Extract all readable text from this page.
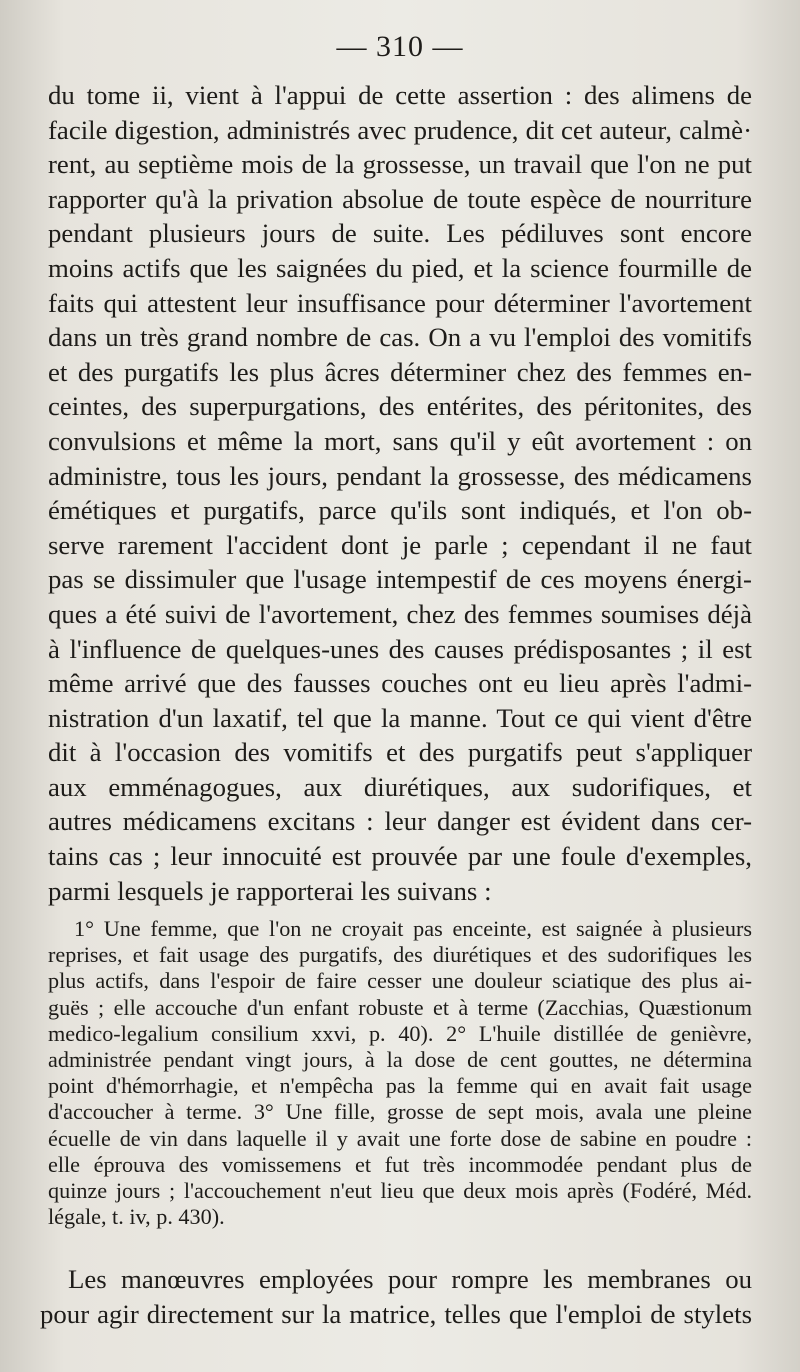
— 310 —
du tome ii, vient à l'appui de cette assertion : des alimens de
facile digestion, administrés avec prudence, dit cet auteur, calmè·
rent, au septième mois de la grossesse, un travail que l'on ne put
rapporter qu'à la privation absolue de toute espèce de nourriture
pendant plusieurs jours de suite. Les pédiluves sont encore
moins actifs que les saignées du pied, et la science fourmille de
faits qui attestent leur insuffisance pour déterminer l'avortement
dans un très grand nombre de cas. On a vu l'emploi des vomitifs
et des purgatifs les plus âcres déterminer chez des femmes en-
ceintes, des superpurgations, des entérites, des péritonites, des
convulsions et même la mort, sans qu'il y eût avortement : on
administre, tous les jours, pendant la grossesse, des médicamens
émétiques et purgatifs, parce qu'ils sont indiqués, et l'on ob-
serve rarement l'accident dont je parle ; cependant il ne faut
pas se dissimuler que l'usage intempestif de ces moyens énergi-
ques a été suivi de l'avortement, chez des femmes soumises déjà
à l'influence de quelques-unes des causes prédisposantes ; il est
même arrivé que des fausses couches ont eu lieu après l'admi-
nistration d'un laxatif, tel que la manne. Tout ce qui vient d'être
dit à l'occasion des vomitifs et des purgatifs peut s'appliquer
aux emménagogues, aux diurétiques, aux sudorifiques, et
autres médicamens excitans : leur danger est évident dans cer-
tains cas ; leur innocuité est prouvée par une foule d'exemples,
parmi lesquels je rapporterai les suivans :
1° Une femme, que l'on ne croyait pas enceinte, est saignée à plusieurs
reprises, et fait usage des purgatifs, des diurétiques et des sudorifiques les
plus actifs, dans l'espoir de faire cesser une douleur sciatique des plus ai-
guës ; elle accouche d'un enfant robuste et à terme (Zacchias, Quæstionum
medico-legalium consilium xxvi, p. 40). 2° L'huile distillée de genièvre,
administrée pendant vingt jours, à la dose de cent gouttes, ne détermina
point d'hémorrhagie, et n'empêcha pas la femme qui en avait fait usage
d'accoucher à terme. 3° Une fille, grosse de sept mois, avala une pleine
écuelle de vin dans laquelle il y avait une forte dose de sabine en poudre :
elle éprouva des vomissemens et fut très incommodée pendant plus de
quinze jours ; l'accouchement n'eut lieu que deux mois après (Fodéré, Méd.
légale, t. iv, p. 430).
Les manœuvres employées pour rompre les membranes ou
pour agir directement sur la matrice, telles que l'emploi de stylets
